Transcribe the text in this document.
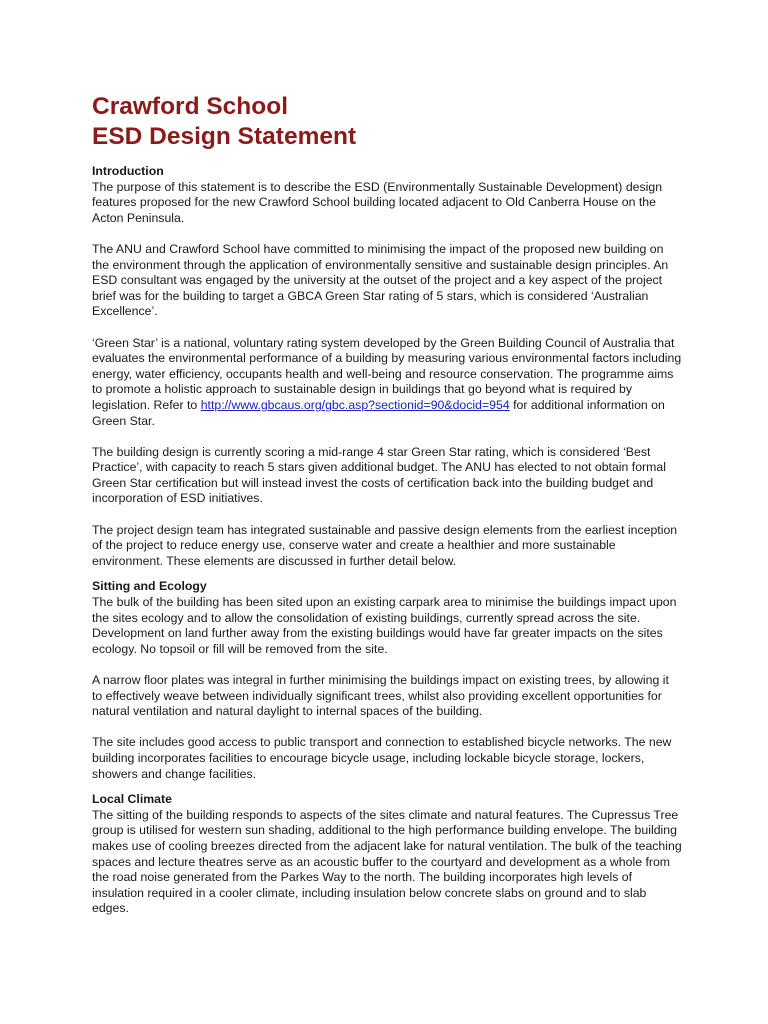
Crawford School
ESD Design Statement
Introduction

The purpose of this statement is to describe the ESD (Environmentally Sustainable Development) design features proposed for the new Crawford School building located adjacent to Old Canberra House on the Acton Peninsula.

The ANU and Crawford School have committed to minimising the impact of the proposed new building on the environment through the application of environmentally sensitive and sustainable design principles. An ESD consultant was engaged by the university at the outset of the project and a key aspect of the project brief was for the building to target a GBCA Green Star rating of 5 stars, which is considered ‘Australian Excellence’.

‘Green Star’ is a national, voluntary rating system developed by the Green Building Council of Australia that evaluates the environmental performance of a building by measuring various environmental factors including energy, water efficiency, occupants health and well-being and resource conservation. The programme aims to promote a holistic approach to sustainable design in buildings that go beyond what is required by legislation. Refer to http://www.gbcaus.org/gbc.asp?sectionid=90&docid=954 for additional information on Green Star.

The building design is currently scoring a mid-range 4 star Green Star rating, which is considered ‘Best Practice’, with capacity to reach 5 stars given additional budget. The ANU has elected to not obtain formal Green Star certification but will instead invest the costs of certification back into the building budget and incorporation of ESD initiatives.

The project design team has integrated sustainable and passive design elements from the earliest inception of the project to reduce energy use, conserve water and create a healthier and more sustainable environment. These elements are discussed in further detail below.

Sitting and Ecology

The bulk of the building has been sited upon an existing carpark area to minimise the buildings impact upon the sites ecology and to allow the consolidation of existing buildings, currently spread across the site. Development on land further away from the existing buildings would have far greater impacts on the sites ecology. No topsoil or fill will be removed from the site.

A narrow floor plates was integral in further minimising the buildings impact on existing trees, by allowing it to effectively weave between individually significant trees, whilst also providing excellent opportunities for natural ventilation and natural daylight to internal spaces of the building.

The site includes good access to public transport and connection to established bicycle networks. The new building incorporates facilities to encourage bicycle usage, including lockable bicycle storage, lockers, showers and change facilities.

Local Climate

The sitting of the building responds to aspects of the sites climate and natural features. The Cupressus Tree group is utilised for western sun shading, additional to the high performance building envelope. The building makes use of cooling breezes directed from the adjacent lake for natural ventilation. The bulk of the teaching spaces and lecture theatres serve as an acoustic buffer to the courtyard and development as a whole from the road noise generated from the Parkes Way to the north. The building incorporates high levels of insulation required in a cooler climate, including insulation below concrete slabs on ground and to slab edges.
